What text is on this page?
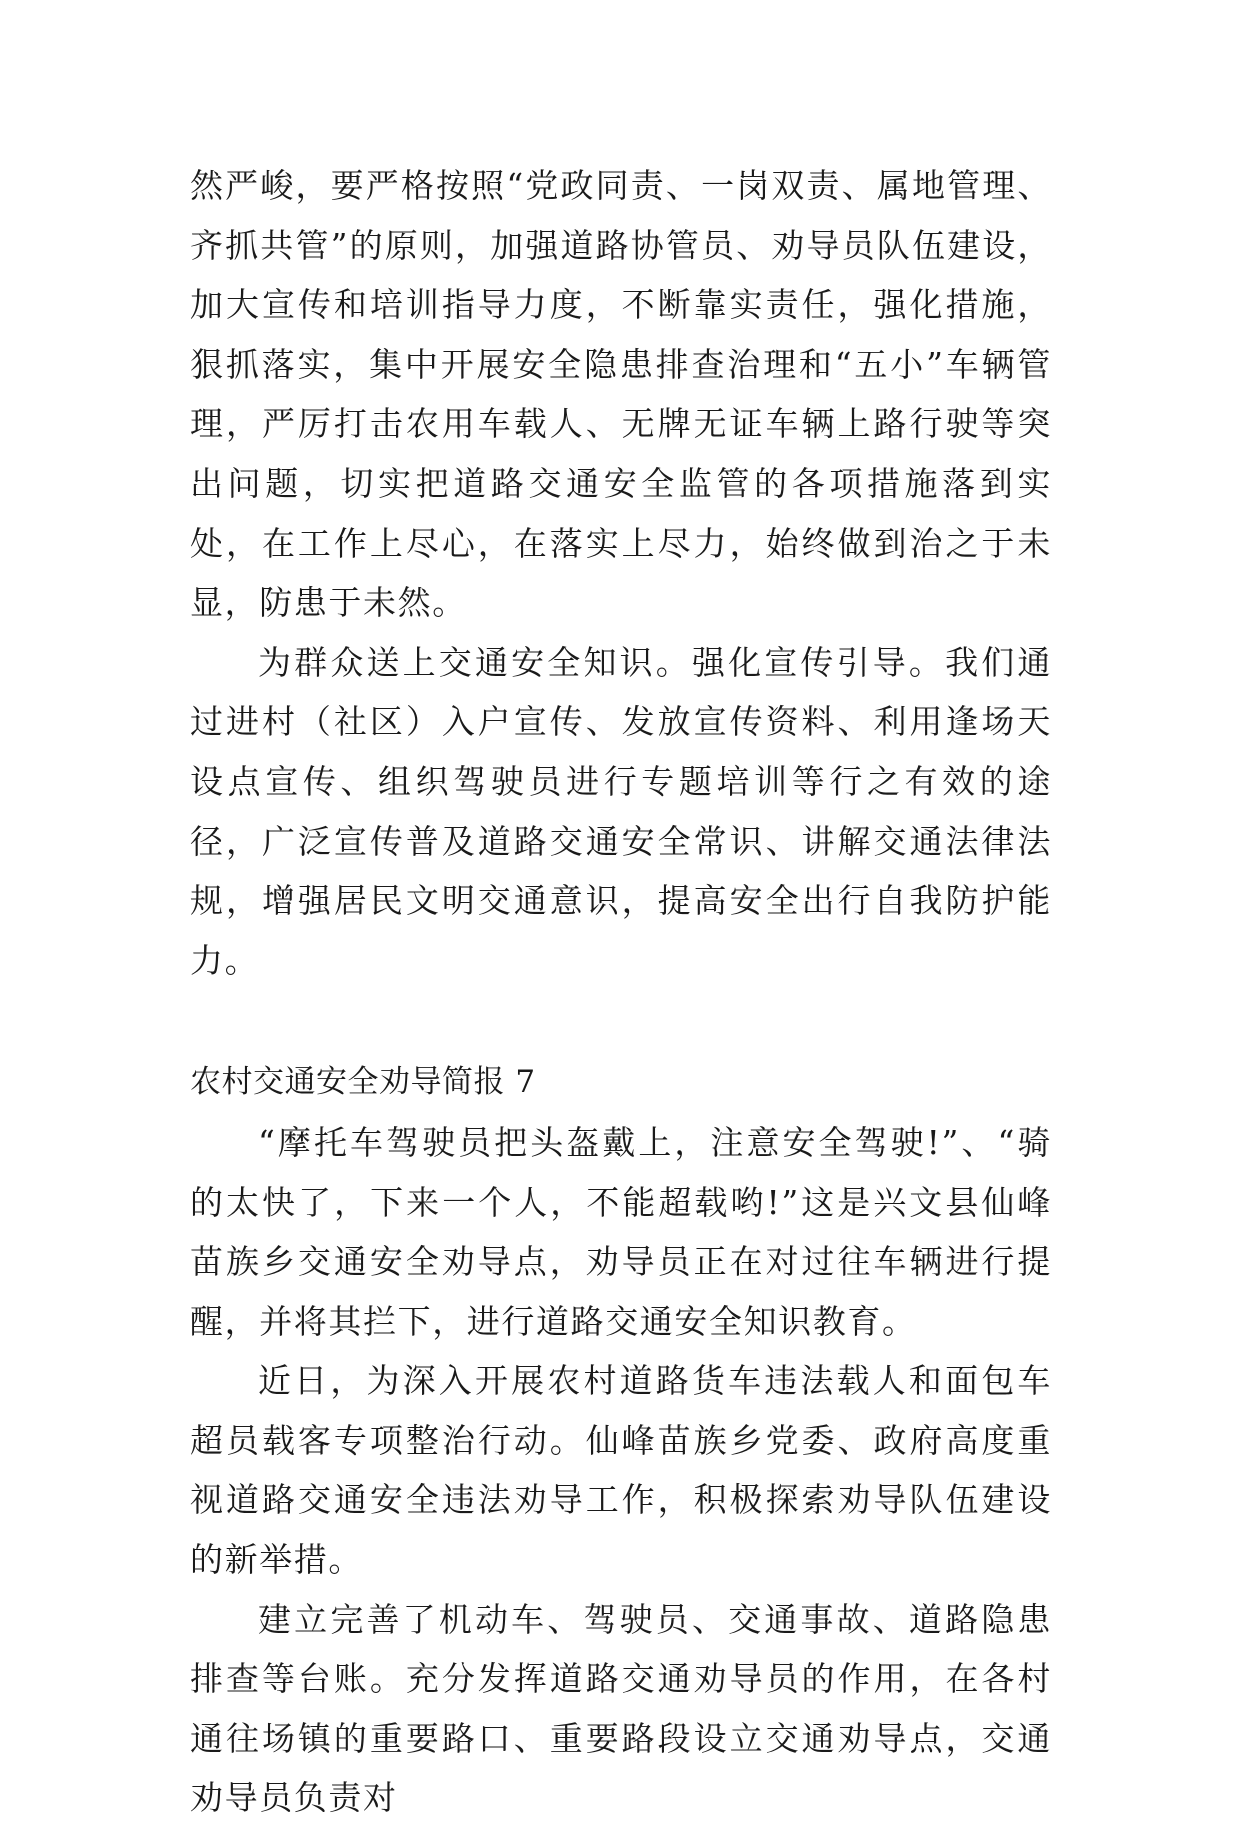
然严峻，要严格按照“党政同责、一岗双责、属地管理、齐抓共管”的原则，加强道路协管员、劝导员队伍建设，加大宣传和培训指导力度，不断靠实责任，强化措施，狠抓落实，集中开展安全隐患排查治理和“五小”车辆管理，严厉打击农用车载人、无牌无证车辆上路行驶等突出问题，切实把道路交通安全监管的各项措施落到实处，在工作上尽心，在落实上尽力，始终做到治之于未显，防患于未然。

为群众送上交通安全知识。强化宣传引导。我们通过进村（社区）入户宣传、发放宣传资料、利用逢场天设点宣传、组织驾驶员进行专题培训等行之有效的途径，广泛宣传普及道路交通安全常识、讲解交通法律法规，增强居民文明交通意识，提高安全出行自我防护能力。

农村交通安全劝导简报 7

“摩托车驾驶员把头盔戴上，注意安全驾驶!”、“骑的太快了，下来一个人，不能超载哟!”这是兴文县仙峰苗族乡交通安全劝导点，劝导员正在对过往车辆进行提醒，并将其拦下，进行道路交通安全知识教育。

近日，为深入开展农村道路货车违法载人和面包车超员载客专项整治行动。仙峰苗族乡党委、政府高度重视道路交通安全违法劝导工作，积极探索劝导队伍建设的新举措。

建立完善了机动车、驾驶员、交通事故、道路隐患排查等台账。充分发挥道路交通劝导员的作用，在各村通往场镇的重要路口、重要路段设立交通劝导点，交通劝导员负责对
